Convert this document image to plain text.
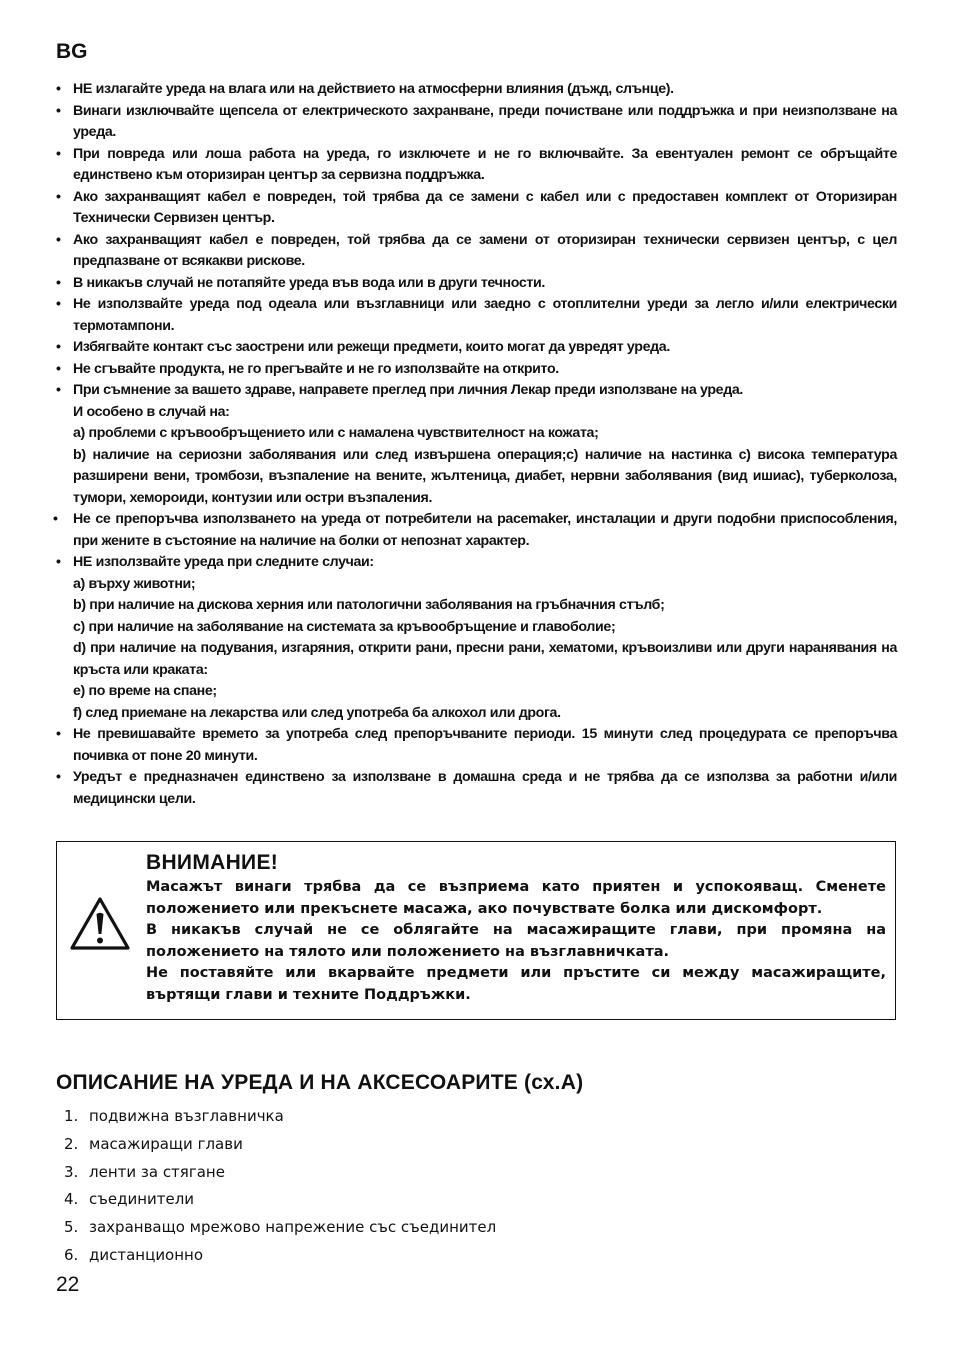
BG
• НЕ излагайте уреда на влага или на действието на атмосферни влияния (дъжд, слънце).
• Винаги изключвайте щепсела от електрическото захранване, преди почистване или поддръжка и при неизползване на уреда.
• При повреда или лоша работа на уреда, го изключете и не го включвайте. За евентуален ремонт се обръщайте единствено към оторизиран център за сервизна поддръжка.
• Ако захранващият кабел е повреден, той трябва да се замени с кабел или с предоставен комплект от Оторизиран Технически Сервизен център.
• Ако захранващият кабел е повреден, той трябва да се замени от оторизиран технически сервизен център, с цел предпазване от всякакви рискове.
• В никакъв случай не потапяйте уреда във вода или в други течности.
• Не използвайте уреда под одеала или възглавници или заедно с отоплителни уреди за легло и/или електрически термотампони.
• Избягвайте контакт със заострени или режещи предмети, които могат да увредят уреда.
• Не сгъвайте продукта, не го прегъвайте и не го използвайте на открито.
• При съмнение за вашето здраве, направете преглед при личния Лекар преди използване на уреда.
И особено в случай на:
a) проблеми с кръвообръщението или с намалена чувствителност на кожата;
b) наличие на сериозни заболявания или след извършена операция;c) наличие на настинка c) висока температура разширени вени, тромбози, възпаление на вените, жълтеница, диабет, нервни заболявания (вид ишиас), туберколоза, тумори, хемороиди, контузии или остри възпаления.
• Не се препоръчва използването на уреда от потребители на pacemaker, инсталации и други подобни приспособления, при жените в състояние на наличие на болки от непознат характер.
• НЕ използвайте уреда при следните случаи:
a) върху животни;
b) при наличие на дискова херния или патологични заболявания на гръбначния стълб;
c) при наличие на заболявание на системата за кръвообръщение и главоболие;
d) при наличие на подувания, изгаряния, открити рани, пресни рани, хематоми, кръвоизливи или други наранявания на кръста или краката:
e) по време на спане;
f) след приемане на лекарства или след употреба ба алкохол или дрога.
• Не превишавайте времето за употреба след препоръчваните периоди. 15 минути след процедурата се препоръчва почивка от поне 20 минути.
• Уредът е предназначен единствено за използване в домашна среда и не трябва да се използва за работни и/или медицински цели.
ВНИМАНИЕ!

Масажът винаги трябва да се възприема като приятен и успокояващ. Сменете положението или прекъснете масажа, ако почувствате болка или дискомфорт.

В никакъв случай не се облягайте на масажиращите глави, при промяна на положението на тялото или положението на възглавничката.

Не поставяйте или вкарвайте предмети или пръстите си между масажиращите, въртящи глави и техните Поддръжки.

ОПИСАНИЕ НА УРЕДА И НА АКСЕСОАРИТЕ (сх.А)
1. подвижна възглавничка
2. масажиращи глави
3. ленти за стягане
4. съединители
5. захранващо мрежово напрежение със съединител
6. дистанционно
22
